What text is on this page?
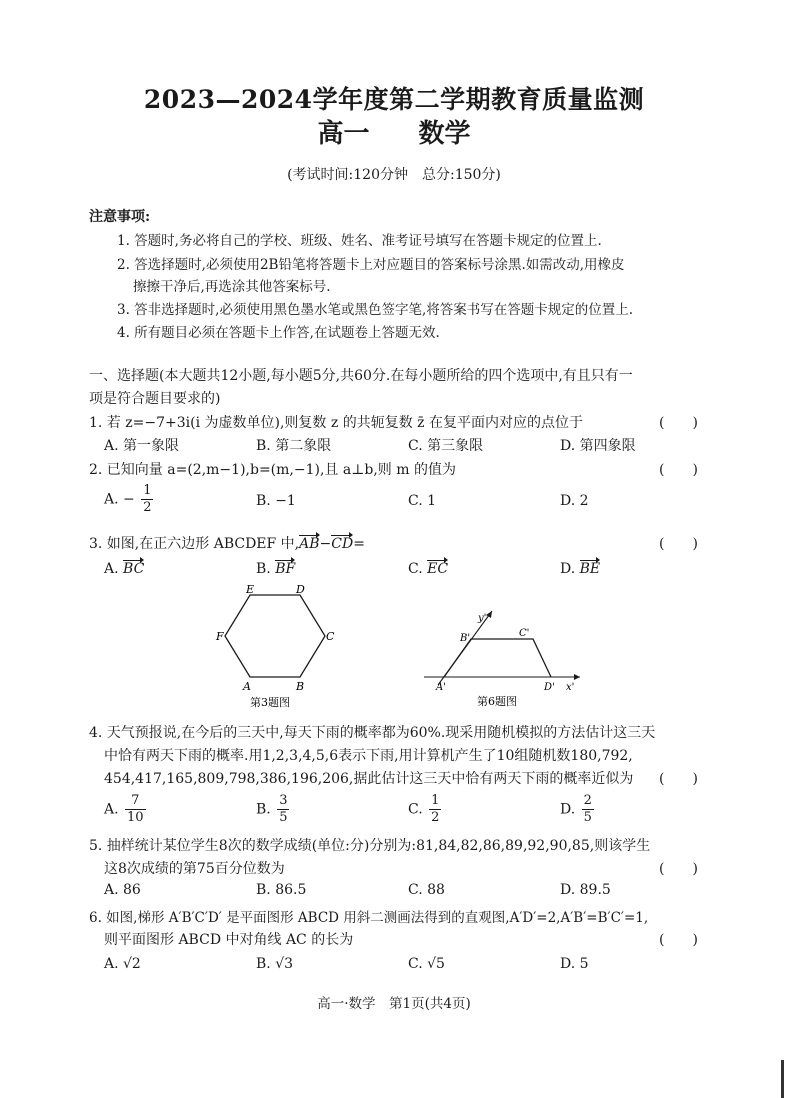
2023—2024学年度第二学期教育质量监测
高一 数学
(考试时间:120分钟　总分:150分)
注意事项:
1. 答题时,务必将自己的学校、班级、姓名、准考证号填写在答题卡规定的位置上.
2. 答选择题时,必须使用2B铅笔将答题卡上对应题目的答案标号涂黑.如需改动,用橡皮
擦擦干净后,再选涂其他答案标号.
3. 答非选择题时,必须使用黑色墨水笔或黑色签字笔,将答案书写在答题卡规定的位置上.
4. 所有题目必须在答题卡上作答,在试题卷上答题无效.
一、选择题(本大题共12小题,每小题5分,共60分.在每小题所给的四个选项中,有且只有一
项是符合题目要求的)
1. 若 z=−7+3i(i 为虚数单位),则复数 z 的共轭复数 z̄ 在复平面内对应的点位于	(　　)
A. 第一象限	B. 第二象限	C. 第三象限	D. 第四象限
2. 已知向量 a=(2,m−1),b=(m,−1),且 a⊥b,则 m 的值为	(　　)
A. − $\frac{1}{2}$	B. −1	C. 1	D. 2
3. 如图,在正六边形 ABCDEF 中,AB−CD=	(　　)
A. BC	B. BF	C. EC	D. BE
E	D
F	C
A	B
第3题图
y'
x'
B'	C'
A'	D'
第6题图
4. 天气预报说,在今后的三天中,每天下雨的概率都为60%.现采用随机模拟的方法估计这三天
中恰有两天下雨的概率.用1,2,3,4,5,6表示下雨,用计算机产生了10组随机数180,792,
454,417,165,809,798,386,196,206,据此估计这三天中恰有两天下雨的概率近似为 (　　)
A. $\frac{7}{10}$	B. $\frac{3}{5}$	C. $\frac{1}{2}$	D. $\frac{2}{5}$
5. 抽样统计某位学生8次的数学成绩(单位:分)分别为:81,84,82,86,89,92,90,85,则该学生
这8次成绩的第75百分位数为	(　　)
A. 86	B. 86.5	C. 88	D. 89.5
6. 如图,梯形 A′B′C′D′ 是平面图形 ABCD 用斜二测画法得到的直观图,A′D′=2,A′B′=B′C′=1,
则平面图形 ABCD 中对角线 AC 的长为	(　　)
A. √2	B. √3	C. √5	D. 5
高一·数学　第1页(共4页)
